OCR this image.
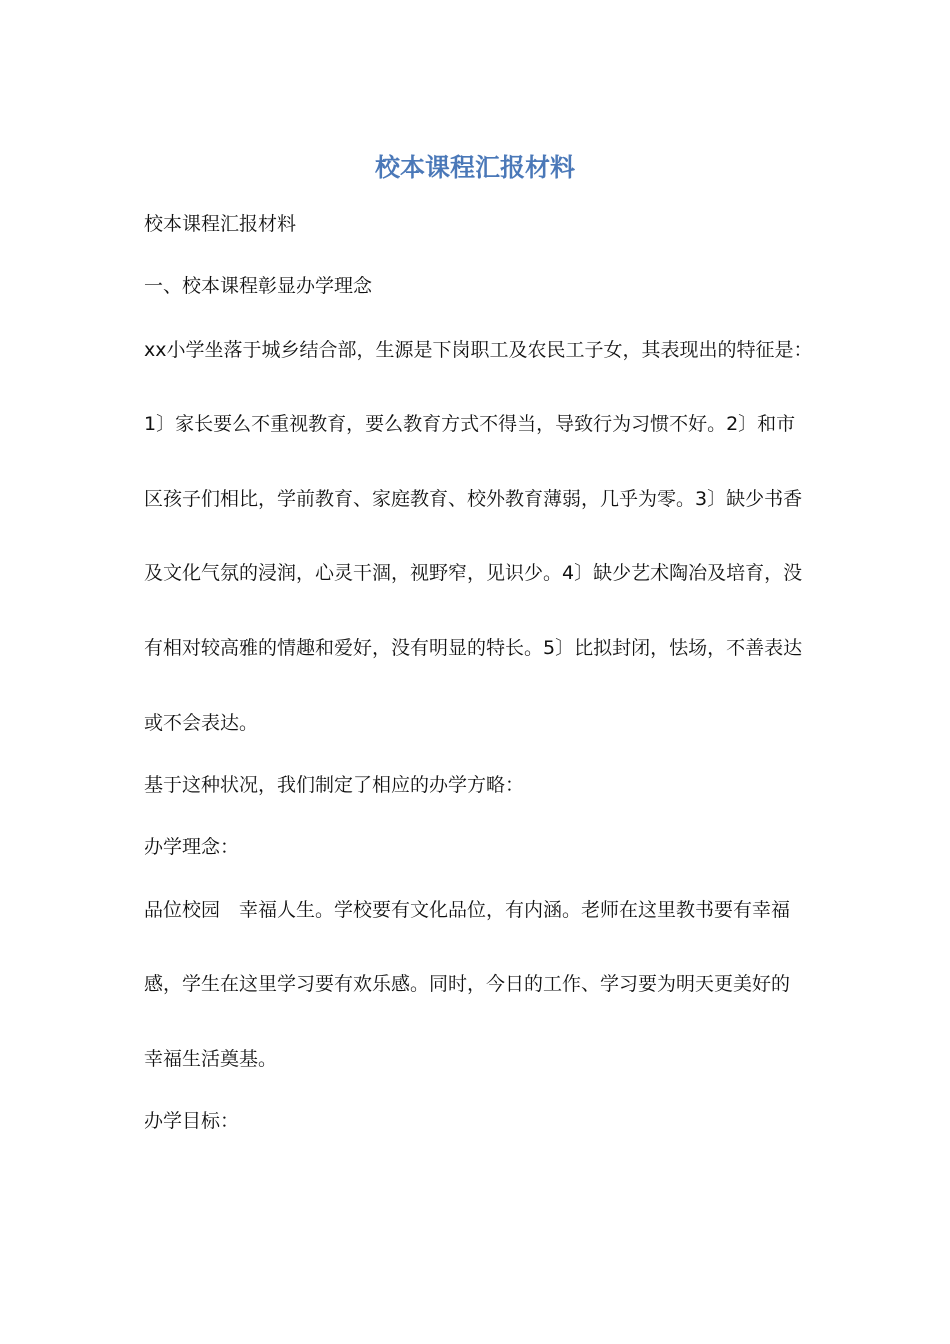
校本课程汇报材料

校本课程汇报材料

一、校本课程彰显办学理念

xx小学坐落于城乡结合部，生源是下岗职工及农民工子女，其表现出的特征是：

1〕家长要么不重视教育，要么教育方式不得当，导致行为习惯不好。2〕和市

区孩子们相比，学前教育、家庭教育、校外教育薄弱，几乎为零。3〕缺少书香

及文化气氛的浸润，心灵干涸，视野窄，见识少。4〕缺少艺术陶冶及培育，没

有相对较高雅的情趣和爱好，没有明显的特长。5〕比拟封闭，怯场，不善表达

或不会表达。

基于这种状况，我们制定了相应的办学方略：

办学理念：

品位校园　幸福人生。学校要有文化品位，有内涵。老师在这里教书要有幸福

感，学生在这里学习要有欢乐感。同时，今日的工作、学习要为明天更美好的

幸福生活奠基。

办学目标：
